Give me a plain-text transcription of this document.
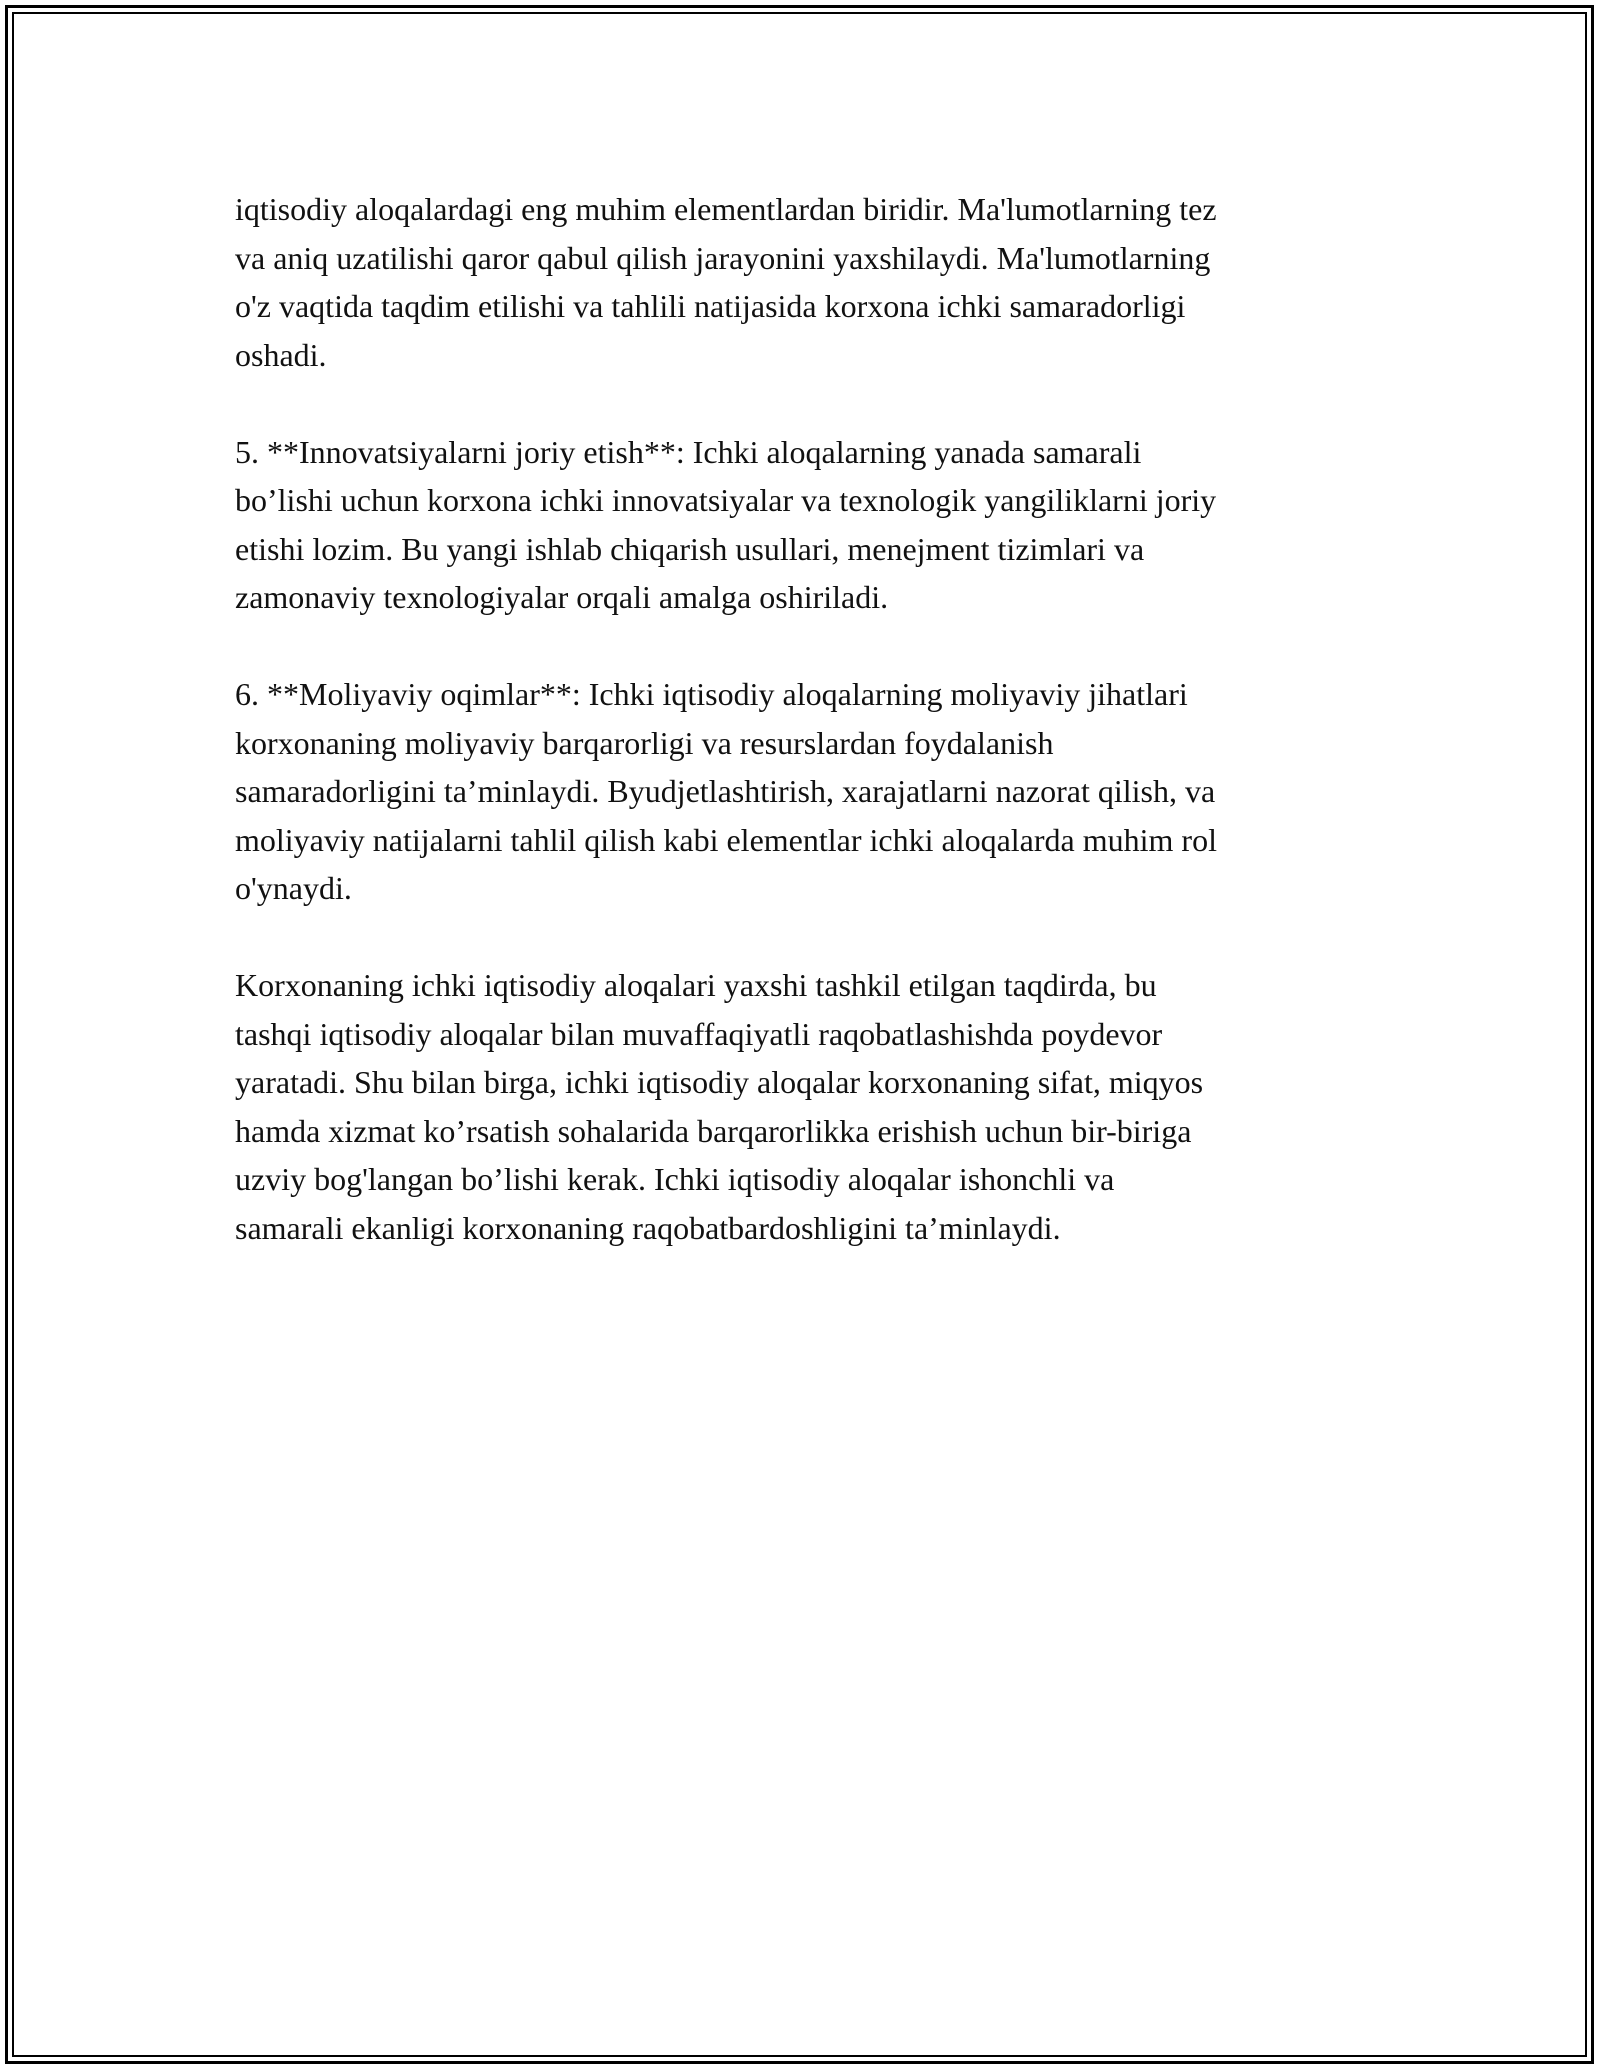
iqtisodiy aloqalardagi eng muhim elementlardan biridir. Ma'lumotlarning tez
va aniq uzatilishi qaror qabul qilish jarayonini yaxshilaydi. Ma'lumotlarning
o'z vaqtida taqdim etilishi va tahlili natijasida korxona ichki samaradorligi
oshadi.

5. **Innovatsiyalarni joriy etish**: Ichki aloqalarning yanada samarali
bo’lishi uchun korxona ichki innovatsiyalar va texnologik yangiliklarni joriy
etishi lozim. Bu yangi ishlab chiqarish usullari, menejment tizimlari va
zamonaviy texnologiyalar orqali amalga oshiriladi.

6. **Moliyaviy oqimlar**: Ichki iqtisodiy aloqalarning moliyaviy jihatlari
korxonaning moliyaviy barqarorligi va resurslardan foydalanish
samaradorligini ta’minlaydi. Byudjetlashtirish, xarajatlarni nazorat qilish, va
moliyaviy natijalarni tahlil qilish kabi elementlar ichki aloqalarda muhim rol
o'ynaydi.

Korxonaning ichki iqtisodiy aloqalari yaxshi tashkil etilgan taqdirda, bu
tashqi iqtisodiy aloqalar bilan muvaffaqiyatli raqobatlashishda poydevor
yaratadi. Shu bilan birga, ichki iqtisodiy aloqalar korxonaning sifat, miqyos
hamda xizmat ko’rsatish sohalarida barqarorlikka erishish uchun bir-biriga
uzviy bog'langan bo’lishi kerak. Ichki iqtisodiy aloqalar ishonchli va
samarali ekanligi korxonaning raqobatbardoshligini ta’minlaydi.
